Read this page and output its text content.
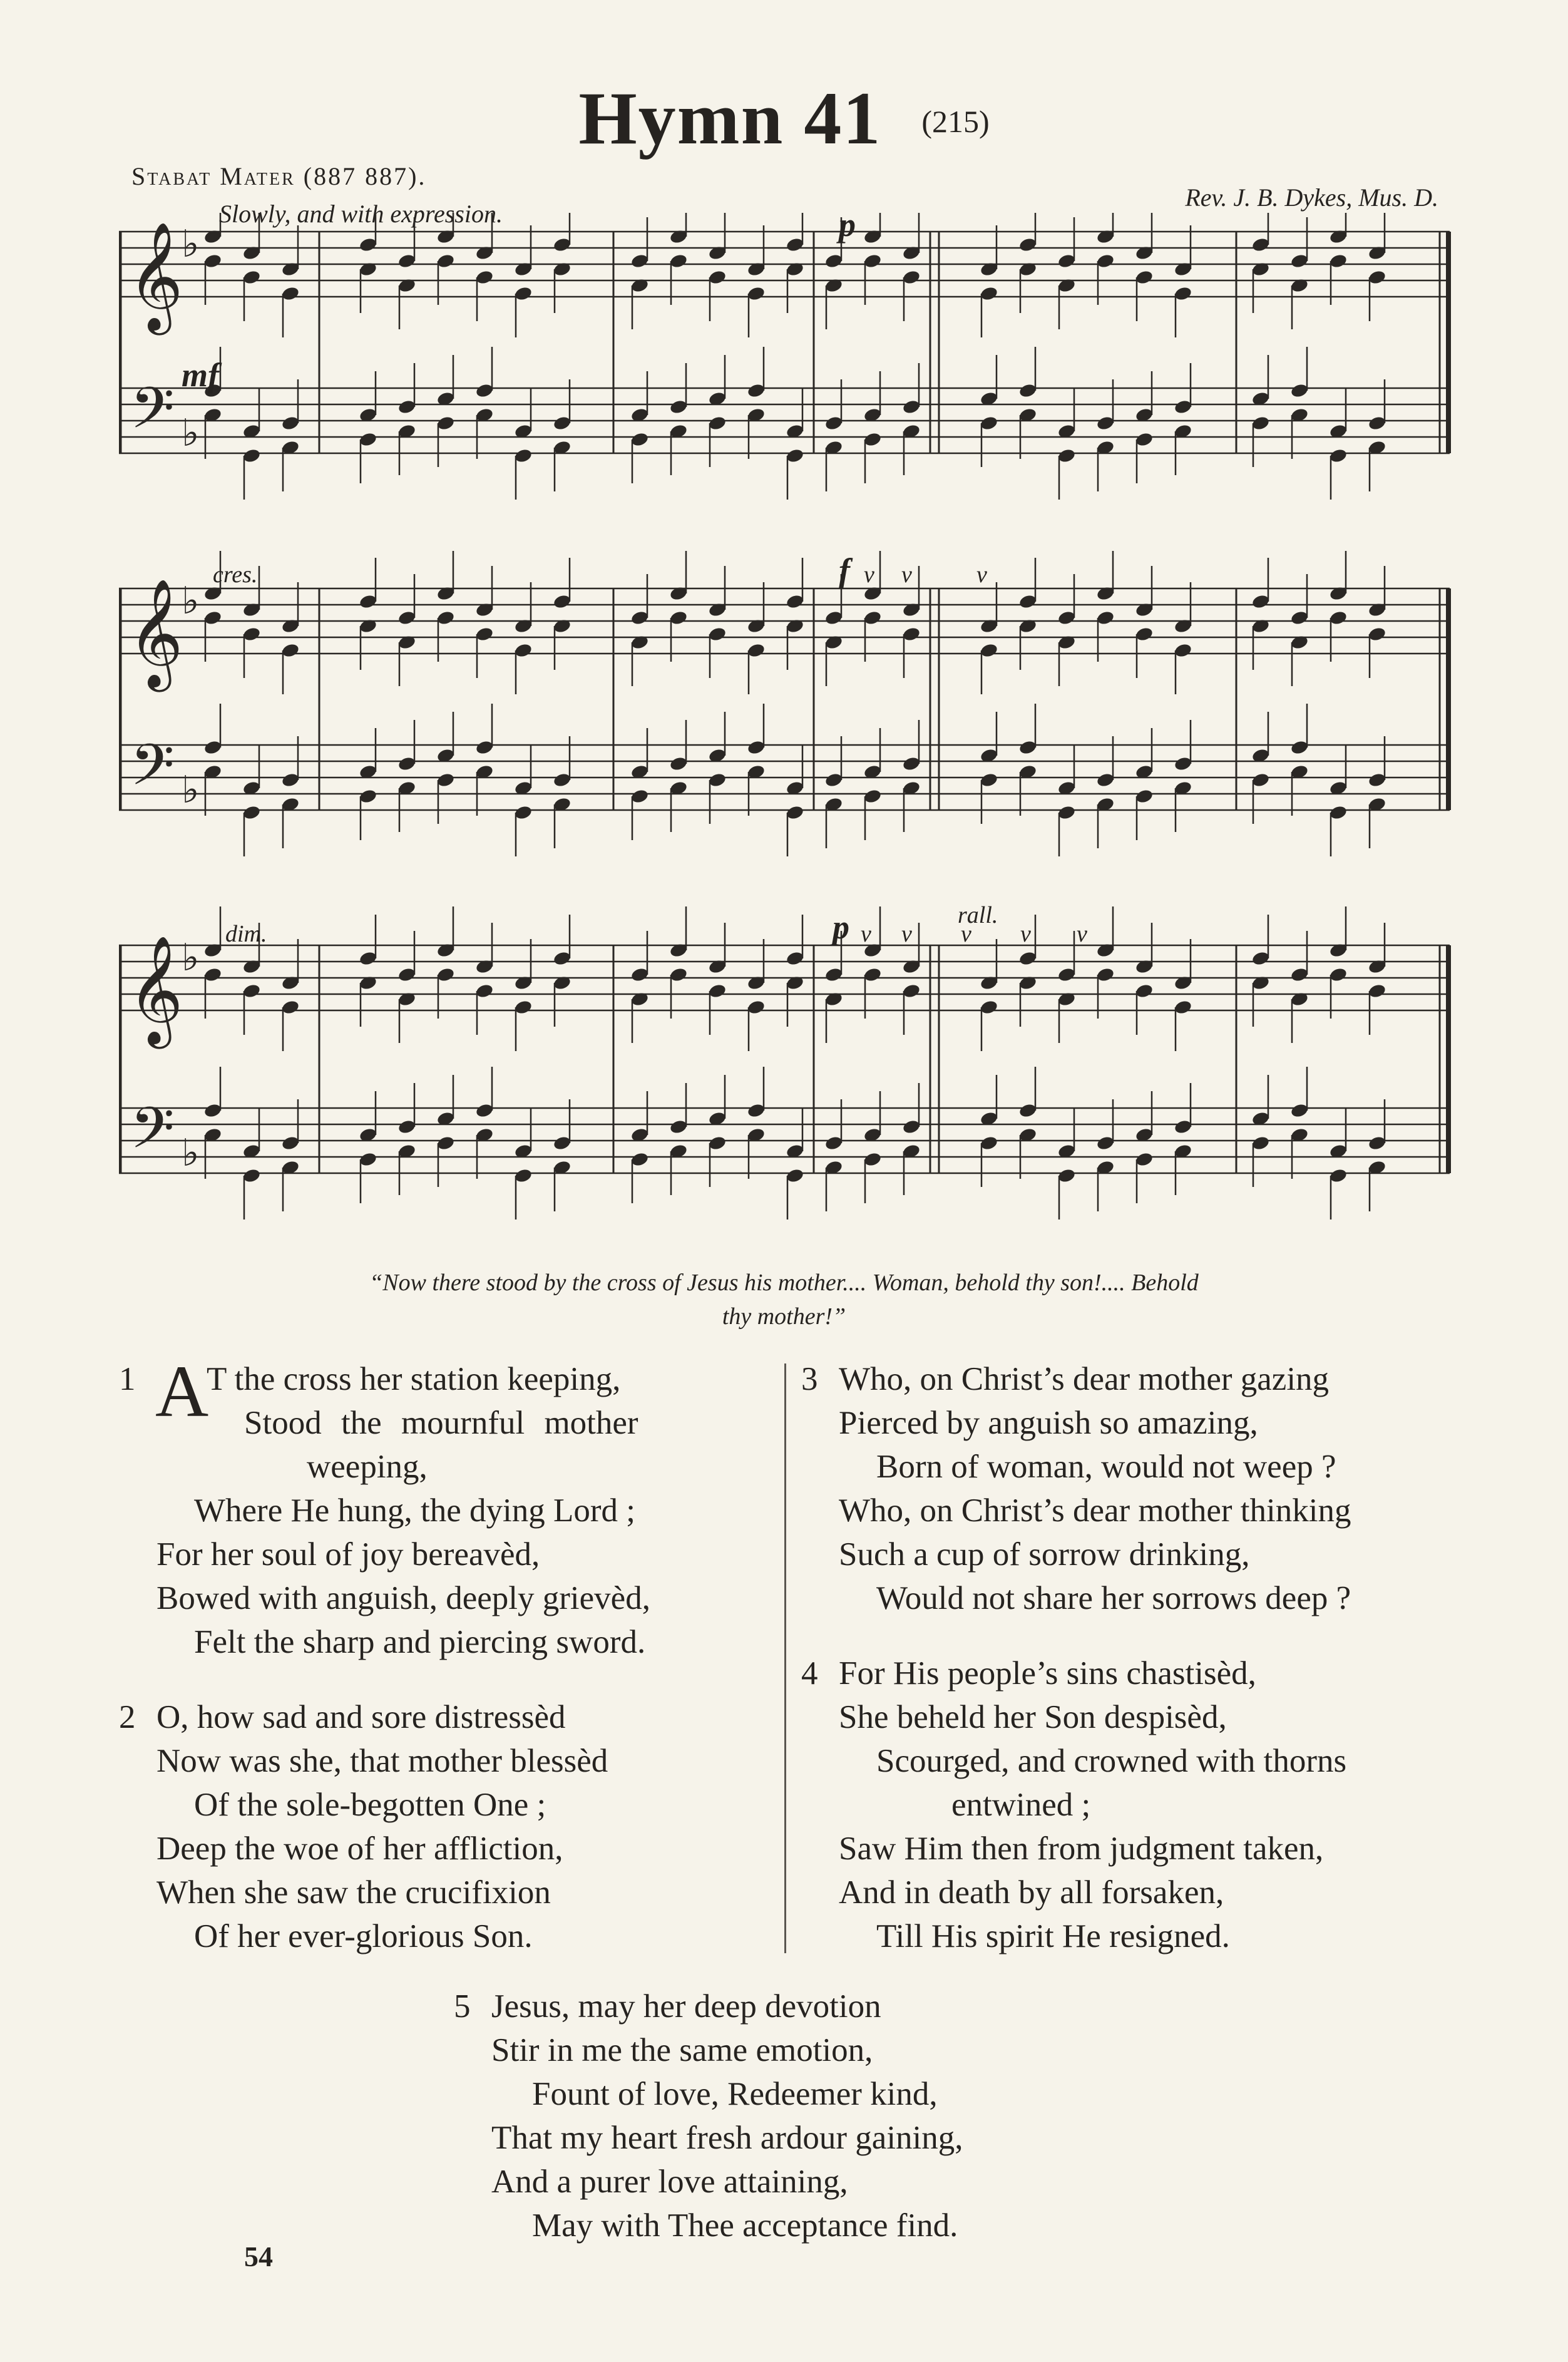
Hymn 41 (215)
Stabat Mater (887 887).
Slowly, and with expression.
Rev. J. B. Dykes, Mus. D.
mf
p
𝄞
𝄢
♭
♭
cres.	f v v	v
𝄞
𝄢
♭
♭
dim.
rall.
p v v v v v
𝄞
𝄢
♭
♭
“Now there stood by the cross of Jesus his mother.... Woman, behold thy son!.... Behold
thy mother!”
1 A
T the cross her station keeping,
Stood the mournful mother
weeping,
Where He hung, the dying Lord ;
For her soul of joy bereavèd,
Bowed with anguish, deeply grievèd,
Felt the sharp and piercing sword.
2 O, how sad and sore distressèd
Now was she, that mother blessèd
Of the sole-begotten One ;
Deep the woe of her affliction,
When she saw the crucifixion
Of her ever-glorious Son.
3 Who, on Christ’s dear mother gazing
Pierced by anguish so amazing,
Born of woman, would not weep ?
Who, on Christ’s dear mother thinking
Such a cup of sorrow drinking,
Would not share her sorrows deep ?
4 For His people’s sins chastisèd,
She beheld her Son despisèd,
Scourged, and crowned with thorns
entwined ;
Saw Him then from judgment taken,
And in death by all forsaken,
Till His spirit He resigned.
5 Jesus, may her deep devotion
Stir in me the same emotion,
Fount of love, Redeemer kind,
That my heart fresh ardour gaining,
And a purer love attaining,
May with Thee acceptance find.
54
